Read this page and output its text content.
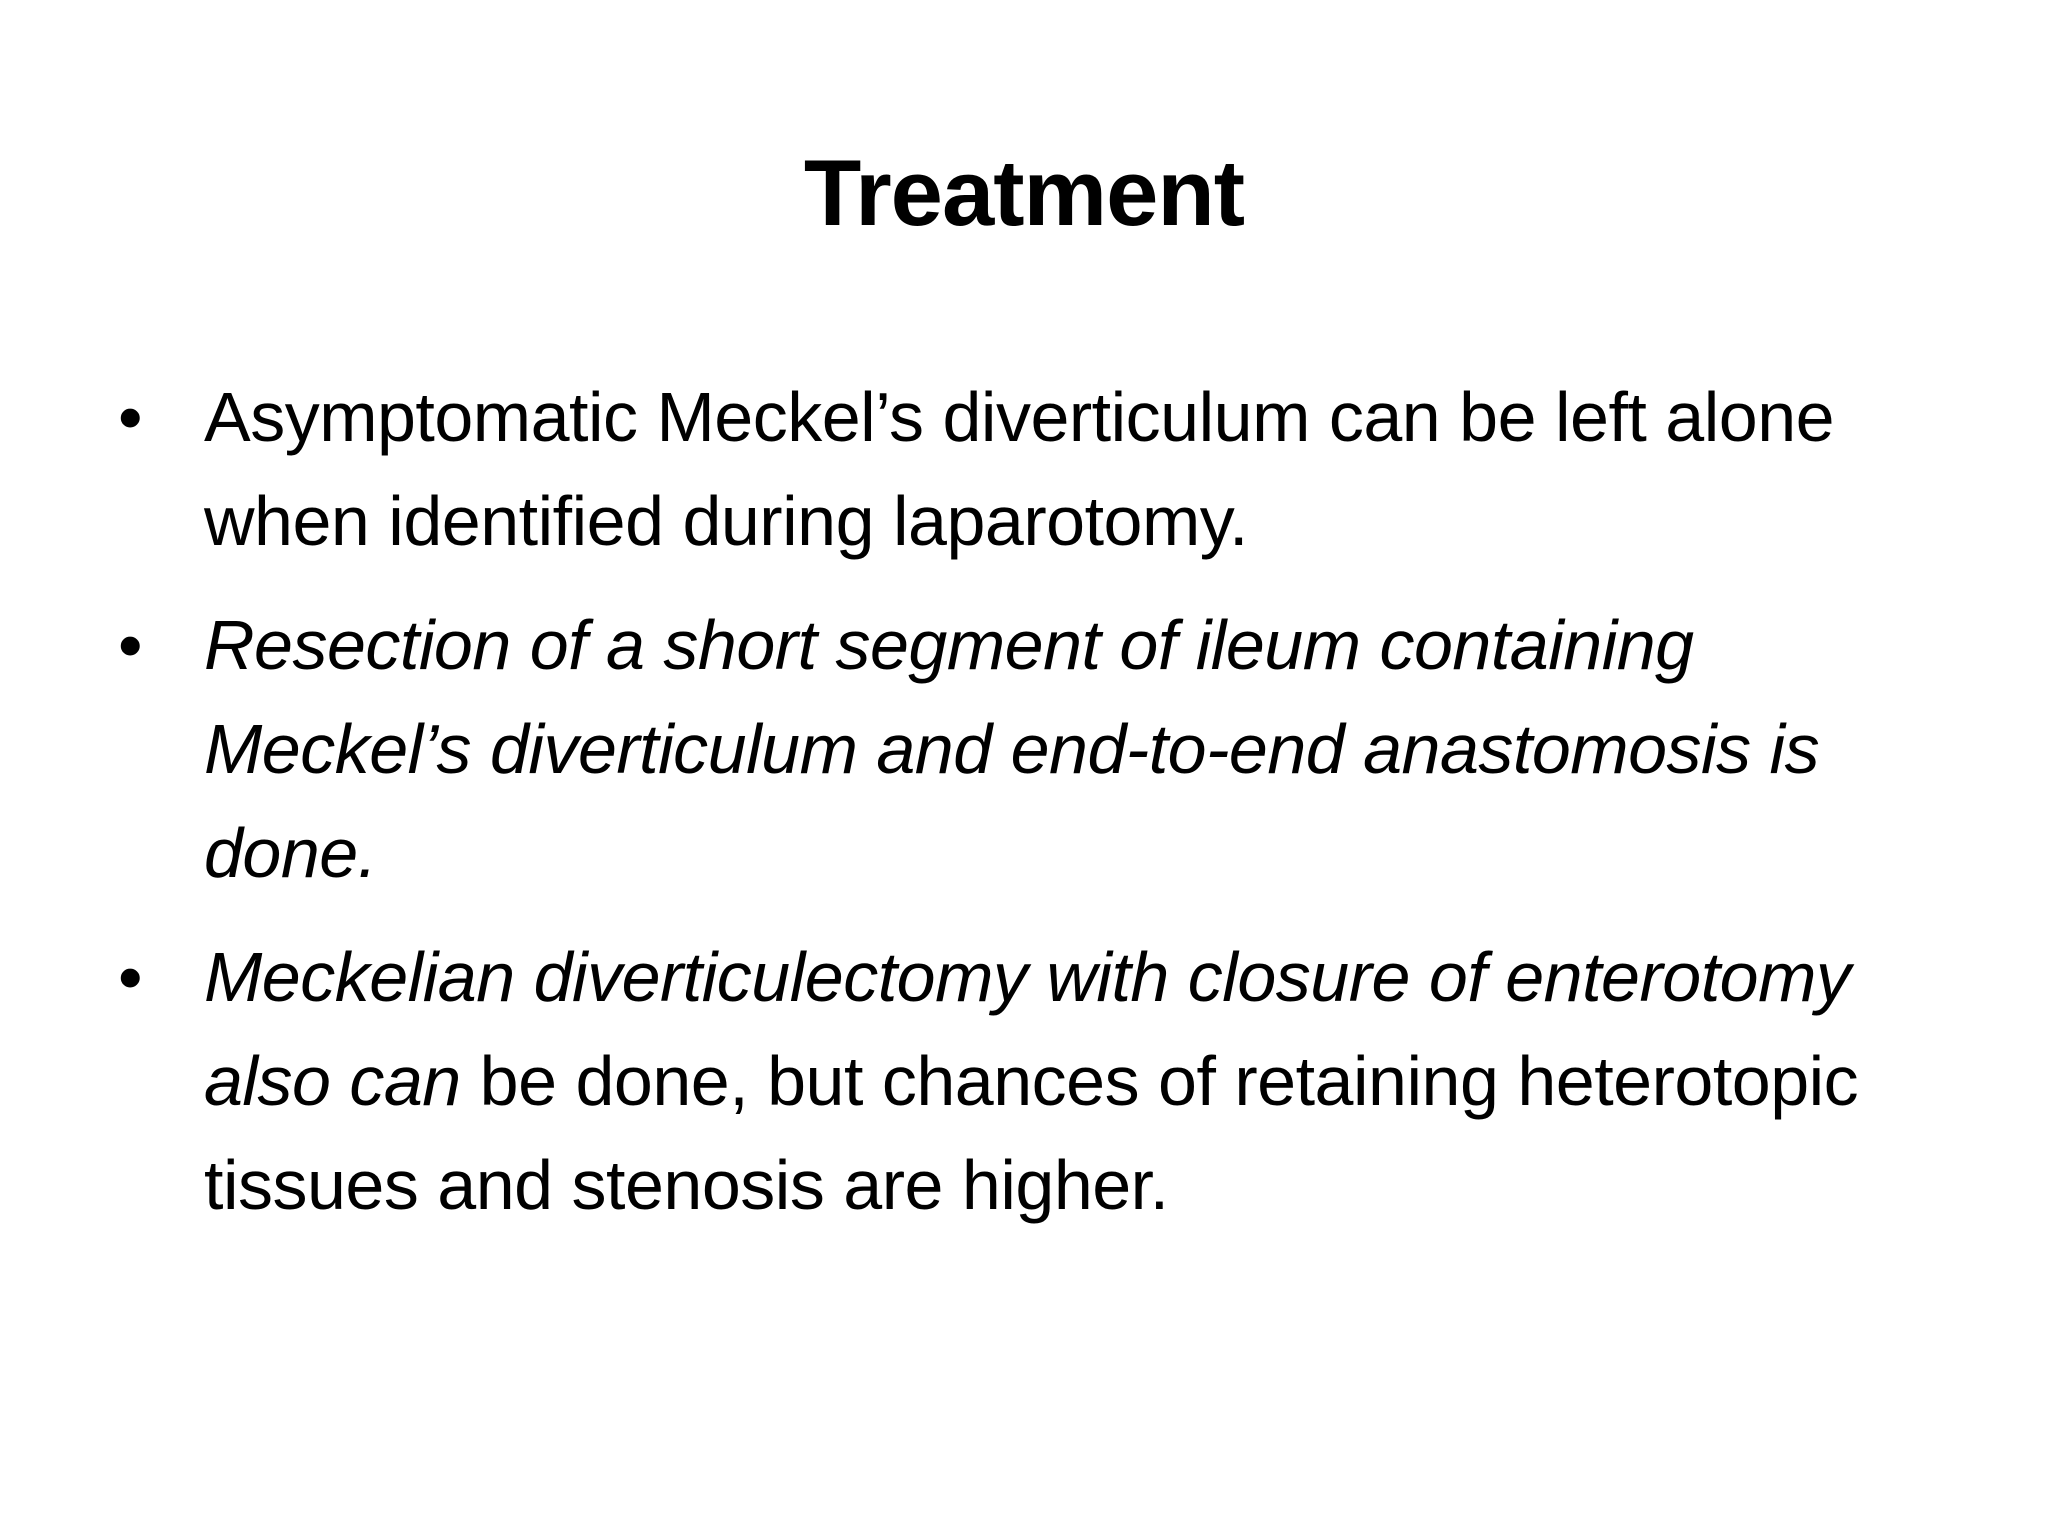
Treatment
• Asymptomatic Meckel’s diverticulum can be left alone when identified during laparotomy.
• Resection of a short segment of ileum containing Meckel’s diverticulum and end-to-end anastomosis is done.
• Meckelian diverticulectomy with closure of enterotomy also can be done, but chances of retaining heterotopic tissues and stenosis are higher.
